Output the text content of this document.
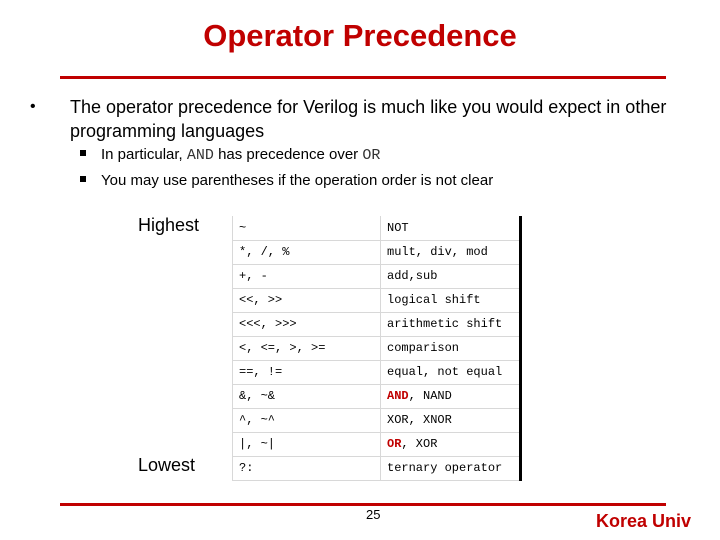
Operator Precedence
• The operator precedence for Verilog is much like you would expect in other programming languages
In particular, AND has precedence over OR
You may use parentheses if the operation order is not clear
Highest
Lowest
~	NOT
*, /, %	mult, div, mod
+, -	add,sub
<<, >>	logical shift
<<<, >>>	arithmetic shift
<, <=, >, >=	comparison
==, !=	equal, not equal
&, ~&	AND, NAND
^, ~^	XOR, XNOR
|, ~|	OR, XOR
?:	ternary operator
25	Korea Univ
